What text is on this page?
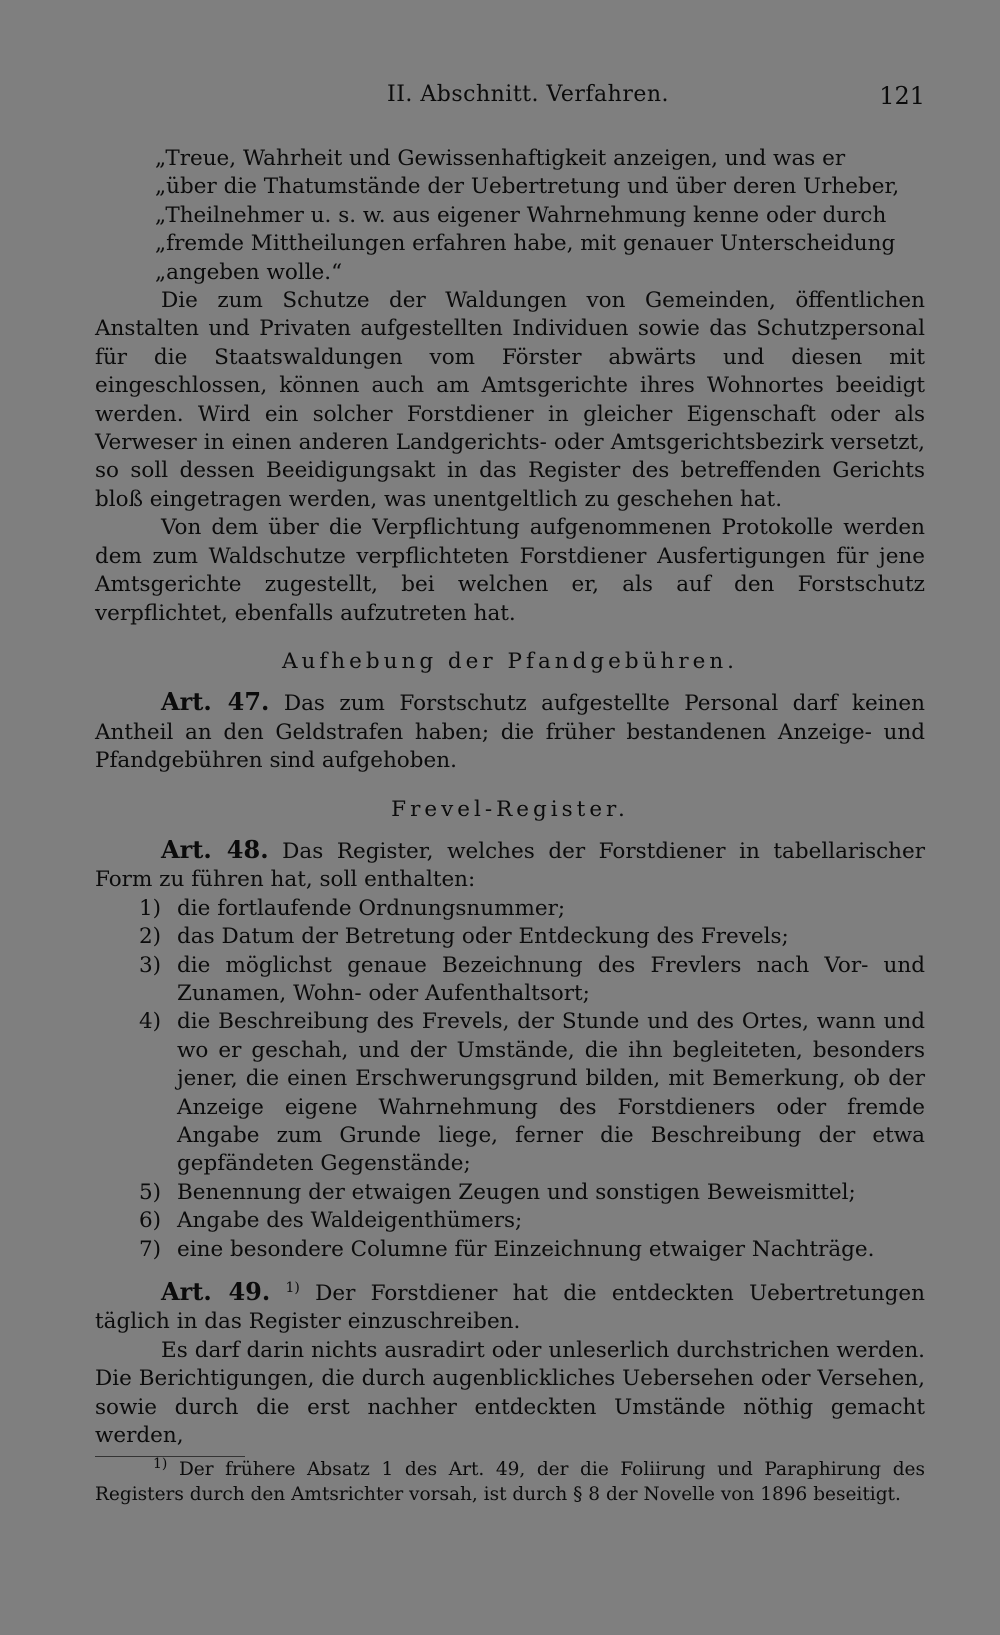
II. Abschnitt. Verfahren.	121
„Treue, Wahrheit und Gewissenhaftigkeit anzeigen, und was er
„über die Thatumstände der Uebertretung und über deren Urheber,
„Theilnehmer u. s. w. aus eigener Wahrnehmung kenne oder durch
„fremde Mittheilungen erfahren habe, mit genauer Unterscheidung
„angeben wolle.“

Die zum Schutze der Waldungen von Gemeinden, öffentlichen Anstalten und Privaten aufgestellten Individuen sowie das Schutzpersonal für die Staatswaldungen vom Förster abwärts und diesen mit eingeschlossen, können auch am Amtsgerichte ihres Wohnortes beeidigt werden. Wird ein solcher Forstdiener in gleicher Eigenschaft oder als Verweser in einen anderen Landgerichts- oder Amtsgerichtsbezirk versetzt, so soll dessen Beeidigungsakt in das Register des betreffenden Gerichts bloß eingetragen werden, was unentgeltlich zu geschehen hat.

Von dem über die Verpflichtung aufgenommenen Protokolle werden dem zum Waldschutze verpflichteten Forstdiener Ausfertigungen für jene Amtsgerichte zugestellt, bei welchen er, als auf den Forstschutz verpflichtet, ebenfalls aufzutreten hat.

Aufhebung der Pfandgebühren.

Art. 47. Das zum Forstschutz aufgestellte Personal darf keinen Antheil an den Geldstrafen haben; die früher bestandenen Anzeige- und Pfandgebühren sind aufgehoben.

Frevel-Register.

Art. 48. Das Register, welches der Forstdiener in tabellarischer Form zu führen hat, soll enthalten:

1) die fortlaufende Ordnungsnummer;
2) das Datum der Betretung oder Entdeckung des Frevels;
3) die möglichst genaue Bezeichnung des Frevlers nach Vor- und Zunamen, Wohn- oder Aufenthaltsort;
4) die Beschreibung des Frevels, der Stunde und des Ortes, wann und wo er geschah, und der Umstände, die ihn begleiteten, besonders jener, die einen Erschwerungsgrund bilden, mit Bemerkung, ob der Anzeige eigene Wahrnehmung des Forstdieners oder fremde Angabe zum Grunde liege, ferner die Beschreibung der etwa gepfändeten Gegenstände;
5) Benennung der etwaigen Zeugen und sonstigen Beweismittel;
6) Angabe des Waldeigenthümers;
7) eine besondere Columne für Einzeichnung etwaiger Nachträge.

Art. 49. $^{1)}$ Der Forstdiener hat die entdeckten Uebertretungen täglich in das Register einzuschreiben.

Es darf darin nichts ausradirt oder unleserlich durchstrichen werden. Die Berichtigungen, die durch augenblickliches Uebersehen oder Versehen, sowie durch die erst nachher entdeckten Umstände nöthig gemacht werden,

$^{1)}$ Der frühere Absatz 1 des Art. 49, der die Foliirung und Paraphirung des Registers durch den Amtsrichter vorsah, ist durch § 8 der Novelle von 1896 beseitigt.
